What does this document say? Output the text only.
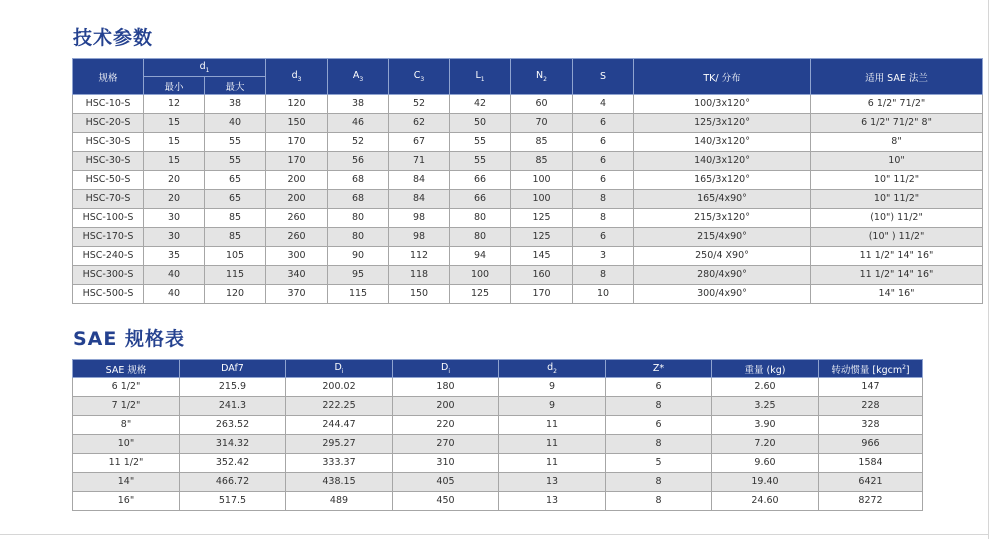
技术参数
规格	$d_1$		$d_3$	$A_3$	$C_3$	$L_1$	$N_2$	S	TK/ 分布	适用 SAE 法兰
	最小	最大								
HSC-10-S	12	38	120	38	52	42	60	4	100/3x120°	6 1/2" 71/2"
HSC-20-S	15	40	150	46	62	50	70	6	125/3x120°	6 1/2" 71/2" 8"
HSC-30-S	15	55	170	52	67	55	85	6	140/3x120°	8"
HSC-30-S	15	55	170	56	71	55	85	6	140/3x120°	10"
HSC-50-S	20	65	200	68	84	66	100	6	165/3x120°	10" 11/2"
HSC-70-S	20	65	200	68	84	66	100	8	165/4x90°	10" 11/2"
HSC-100-S	30	85	260	80	98	80	125	8	215/3x120°	(10") 11/2"
HSC-170-S	30	85	260	80	98	80	125	6	215/4x90°	(10" ) 11/2"
HSC-240-S	35	105	300	90	112	94	145	3	250/4 X90°	11 1/2" 14" 16"
HSC-300-S	40	115	340	95	118	100	160	8	280/4x90°	11 1/2" 14" 16"
HSC-500-S	40	120	370	115	150	125	170	10	300/4x90°	14" 16"
SAE 规格表
SAE 规格	DAf7	$D_i$	$D_i$	$d_2$	Z*	重量 (kg)	转动惯量 [kgcm$^2$]
6 1/2"	215.9	200.02	180	9	6	2.60	147
7 1/2"	241.3	222.25	200	9	8	3.25	228
8"	263.52	244.47	220	11	6	3.90	328
10"	314.32	295.27	270	11	8	7.20	966
11 1/2"	352.42	333.37	310	11	5	9.60	1584
14"	466.72	438.15	405	13	8	19.40	6421
16"	517.5	489	450	13	8	24.60	8272
